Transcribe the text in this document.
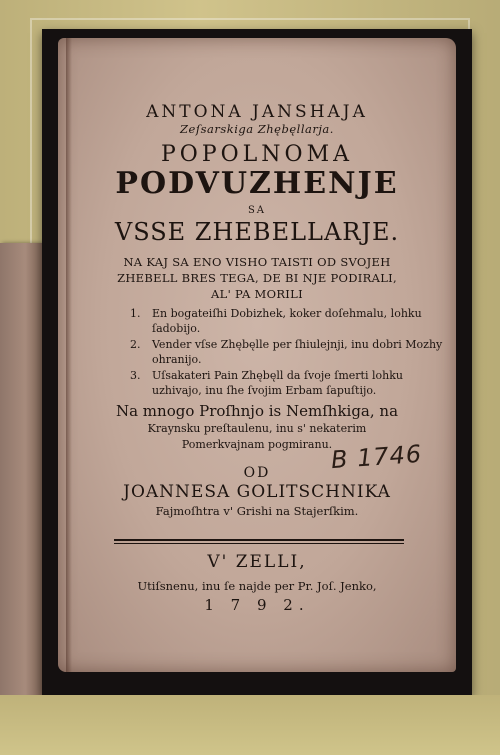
ANTONA JANSHAJA
Zeſsarskiga Zhębęllarja.
POPOLNOMA
PODVUZHENJE
SA
VSSE ZHEBELLARJE.
NA KAJ SA ENO VISHO TAISTI OD SVOJEH
ZHEBELL BRES TEGA, DE BI NJE PODIRALI,
AL' PA MORILI
1. En bogateiſhi Dobizhek, koker doſehmalu, lohku ſadobijo.
2. Vender vſse Zhębęlle per ſhiulejnji, inu dobri Mozhy ohranijo.
3. Uſsakateri Pain Zhębęll da ſvoje ſmerti lohku uzhivajo, inu ſhe ſvojim Erbam ſapuſtijo.
Na mnogo Proſhnjo is Nemſhkiga, na
Kraynsku preſtaulenu, inu s' nekaterim
Pomerkvajnam pogmiranu.
B 1746
OD
JOANNESA GOLITSCHNIKA
Fajmoſhtra v' Grishi na Stajerſkim.
V' ZELLI,
Utiſsnenu, inu ſe najde per Pr. Joſ. Jenko,
1 7 9 2.
